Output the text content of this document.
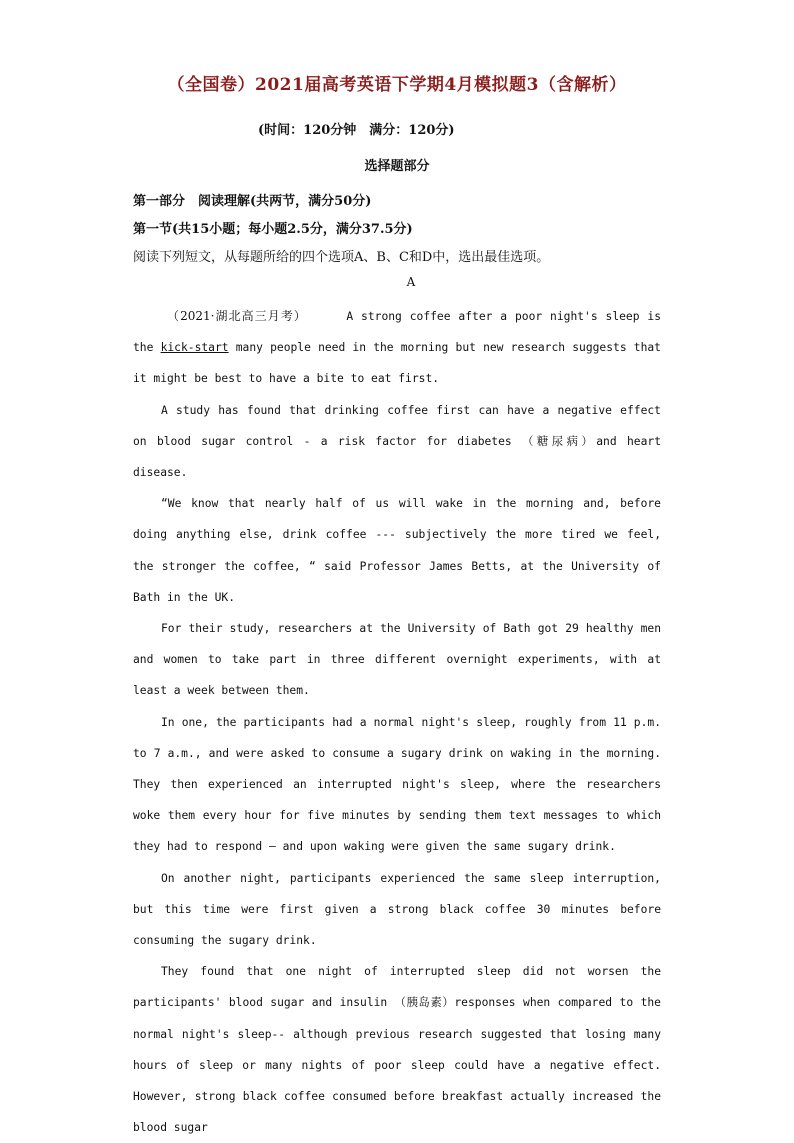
（全国卷）2021届高考英语下学期4月模拟题3（含解析）
(时间：120分钟　满分：120分)
选择题部分
第一部分　阅读理解(共两节，满分50分)
第一节(共15小题；每小题2.5分，满分37.5分)
阅读下列短文，从每题所给的四个选项A、B、C和D中，选出最佳选项。
A

（2021·湖北高三月考）	A strong coffee after a poor night's sleep is the kick-start many people need in the morning but new research suggests that it might be best to have a bite to eat first.

A study has found that drinking coffee first can have a negative effect on blood sugar control - a risk factor for diabetes （糖尿病）and heart disease.

“We know that nearly half of us will wake in the morning and, before doing anything else, drink coffee --- subjectively the more tired we feel, the stronger the coffee, “ said Professor James Betts, at the University of Bath in the UK.

For their study, researchers at the University of Bath got 29 healthy men and women to take part in three different overnight experiments, with at least a week between them.

In one, the participants had a normal night's sleep, roughly from 11 p.m. to 7 a.m., and were asked to consume a sugary drink on waking in the morning. They then experienced an interrupted night's sleep, where the researchers woke them every hour for five minutes by sending them text messages to which they had to respond — and upon waking were given the same sugary drink.

On another night, participants experienced the same sleep interruption, but this time were first given a strong black coffee 30 minutes before consuming the sugary drink.

They found that one night of interrupted sleep did not worsen the participants' blood sugar and insulin （胰岛素）responses when compared to the normal night's sleep-- although previous research suggested that losing many hours of sleep or many nights of poor sleep could have a negative effect. However, strong black coffee consumed before breakfast actually increased the blood sugar
